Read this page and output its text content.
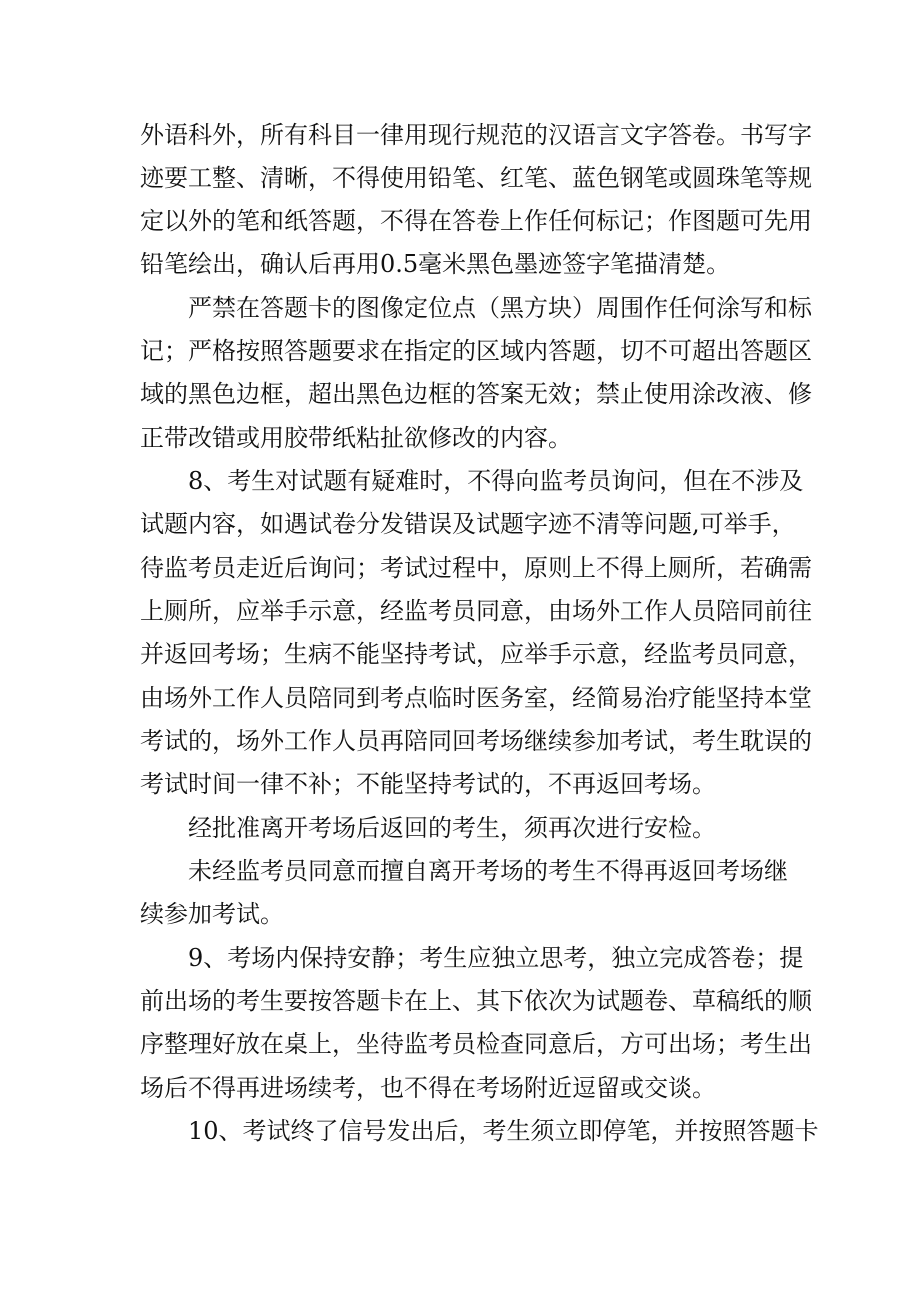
外语科外，所有科目一律用现行规范的汉语言文字答卷。书写字
迹要工整、清晰，不得使用铅笔、红笔、蓝色钢笔或圆珠笔等规
定以外的笔和纸答题，不得在答卷上作任何标记；作图题可先用
铅笔绘出，确认后再用0.5毫米黑色墨迹签字笔描清楚。
严禁在答题卡的图像定位点（黑方块）周围作任何涂写和标
记；严格按照答题要求在指定的区域内答题，切不可超出答题区
域的黑色边框，超出黑色边框的答案无效；禁止使用涂改液、修
正带改错或用胶带纸粘扯欲修改的内容。
8、考生对试题有疑难时，不得向监考员询问，但在不涉及
试题内容，如遇试卷分发错误及试题字迹不清等问题,可举手，
待监考员走近后询问；考试过程中，原则上不得上厕所，若确需
上厕所，应举手示意，经监考员同意，由场外工作人员陪同前往
并返回考场；生病不能坚持考试，应举手示意，经监考员同意，
由场外工作人员陪同到考点临时医务室，经简易治疗能坚持本堂
考试的，场外工作人员再陪同回考场继续参加考试，考生耽误的
考试时间一律不补；不能坚持考试的，不再返回考场。
经批准离开考场后返回的考生，须再次进行安检。
未经监考员同意而擅自离开考场的考生不得再返回考场继
续参加考试。
9、考场内保持安静；考生应独立思考，独立完成答卷；提
前出场的考生要按答题卡在上、其下依次为试题卷、草稿纸的顺
序整理好放在桌上，坐待监考员检查同意后，方可出场；考生出
场后不得再进场续考，也不得在考场附近逗留或交谈。
10、考试终了信号发出后，考生须立即停笔，并按照答题卡
